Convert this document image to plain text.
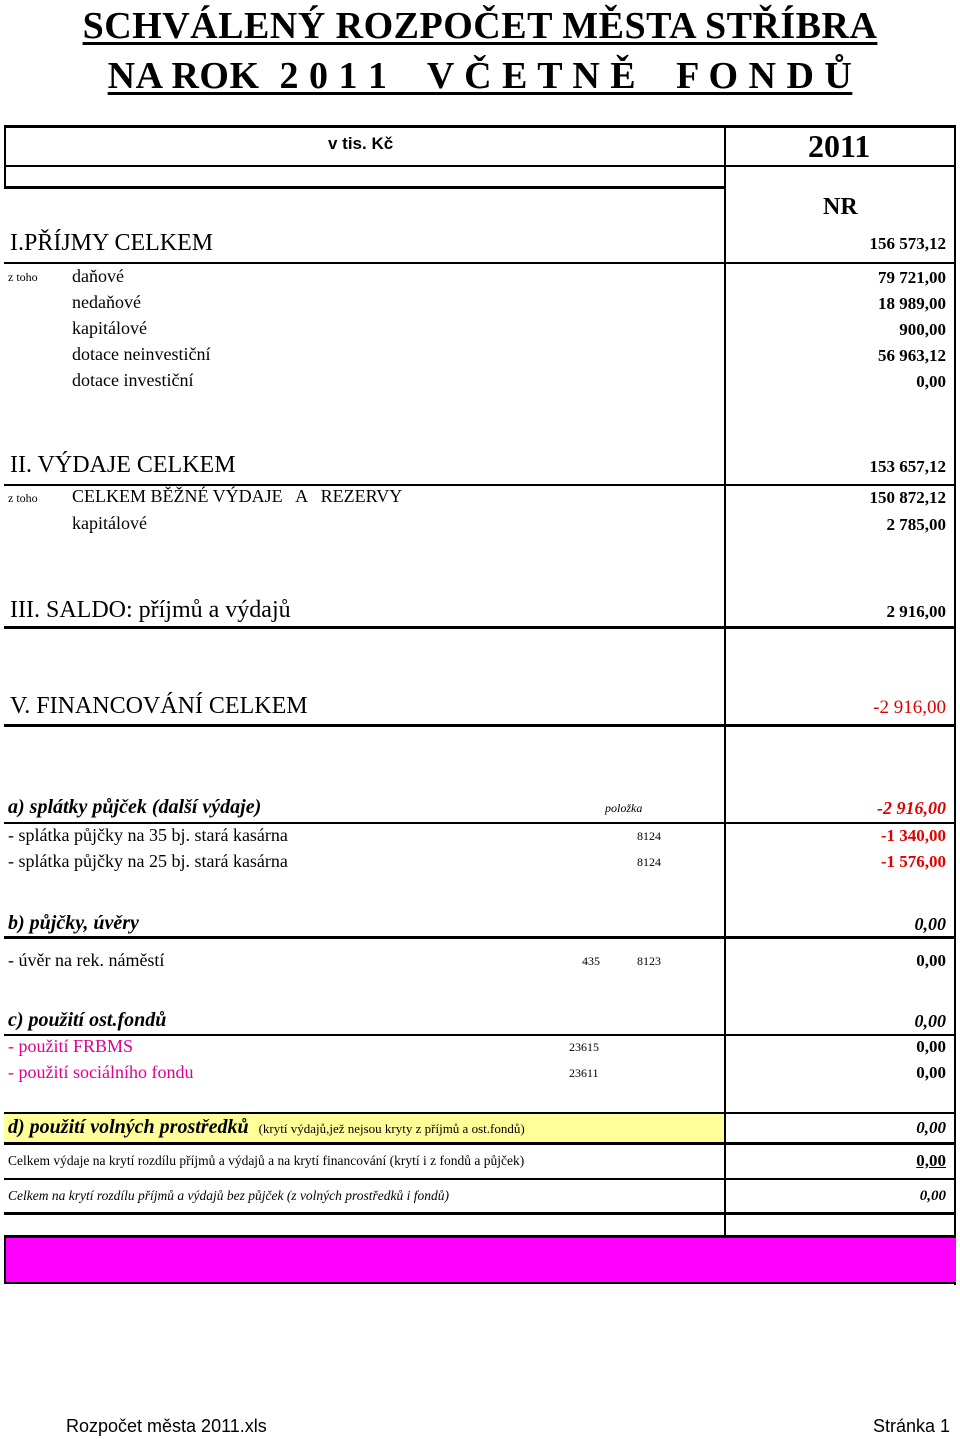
SCHVÁLENÝ ROZPOČET MĚSTA STŘÍBRA
NA ROK  2 0 1 1    V Č E T N Ě    F O N D Ů
v tis. Kč	2011
NR
I.PŘÍJMY CELKEM	156 573,12
z toho daňové	79 721,00
nedaňové	18 989,00
kapitálové	900,00
dotace neinvestiční	56 963,12
dotace investiční	0,00
II. VÝDAJE CELKEM	153 657,12
z toho CELKEM BĚŽNÉ VÝDAJE   A   REZERVY	150 872,12
kapitálové	2 785,00
III. SALDO: příjmů a výdajů	2 916,00
V. FINANCOVÁNÍ CELKEM	-2 916,00
a) splátky půjček (další výdaje)	položka	-2 916,00
- splátka půjčky na 35 bj. stará kasárna	8124	-1 340,00
- splátka půjčky na 25 bj. stará kasárna	8124	-1 576,00
b) půjčky, úvěry	0,00
- úvěr na rek. náměstí	435	8123	0,00
c) použití ost.fondů	0,00
- použití FRBMS	23615	0,00
- použití sociálního fondu	23611	0,00
d) použití volných prostředků (krytí výdajů,jež nejsou kryty z příjmů a ost.fondů)	0,00
Celkem výdaje na krytí rozdílu příjmů a výdajů a na krytí financování (krytí i z fondů a půjček)	0,00
Celkem na krytí rozdílu příjmů a výdajů bez půjček (z volných prostředků i fondů)	0,00
Rozpočet města 2011.xls	Stránka 1
